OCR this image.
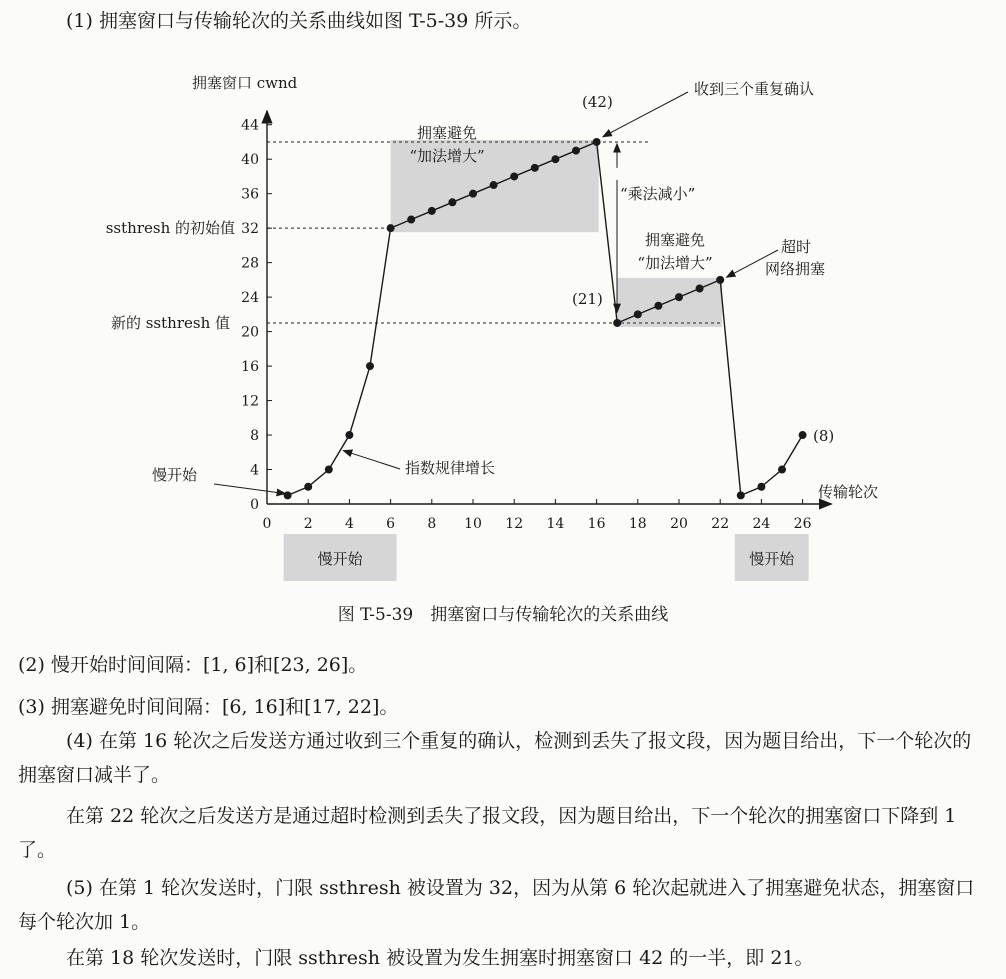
(1) 拥塞窗口与传输轮次的关系曲线如图 T-5-39 所示。

0
4
8
12
16
20
24
28
32
36
40
44
0 2 4 6 8 10 12 14 16 18 20 22 24 26
慢开始	慢开始
拥塞窗口 cwnd
传输轮次
ssthresh 的初始值
新的 ssthresh 值
慢开始	指数规律增长
拥塞避免
“加法增大”
(42)
收到三个重复确认
“乘法减小”
拥塞避免
“加法增大”
(21)
超时
网络拥塞
(8)
图 T-5-39　拥塞窗口与传输轮次的关系曲线

(2) 慢开始时间间隔：[1, 6]和[23, 26]。

(3) 拥塞避免时间间隔：[6, 16]和[17, 22]。

(4) 在第 16 轮次之后发送方通过收到三个重复的确认，检测到丢失了报文段，因为题目给出，下一个轮次的拥塞窗口减半了。

在第 22 轮次之后发送方是通过超时检测到丢失了报文段，因为题目给出，下一个轮次的拥塞窗口下降到 1 了。

(5) 在第 1 轮次发送时，门限 ssthresh 被设置为 32，因为从第 6 轮次起就进入了拥塞避免状态，拥塞窗口每个轮次加 1。

在第 18 轮次发送时，门限 ssthresh 被设置为发生拥塞时拥塞窗口 42 的一半，即 21。
